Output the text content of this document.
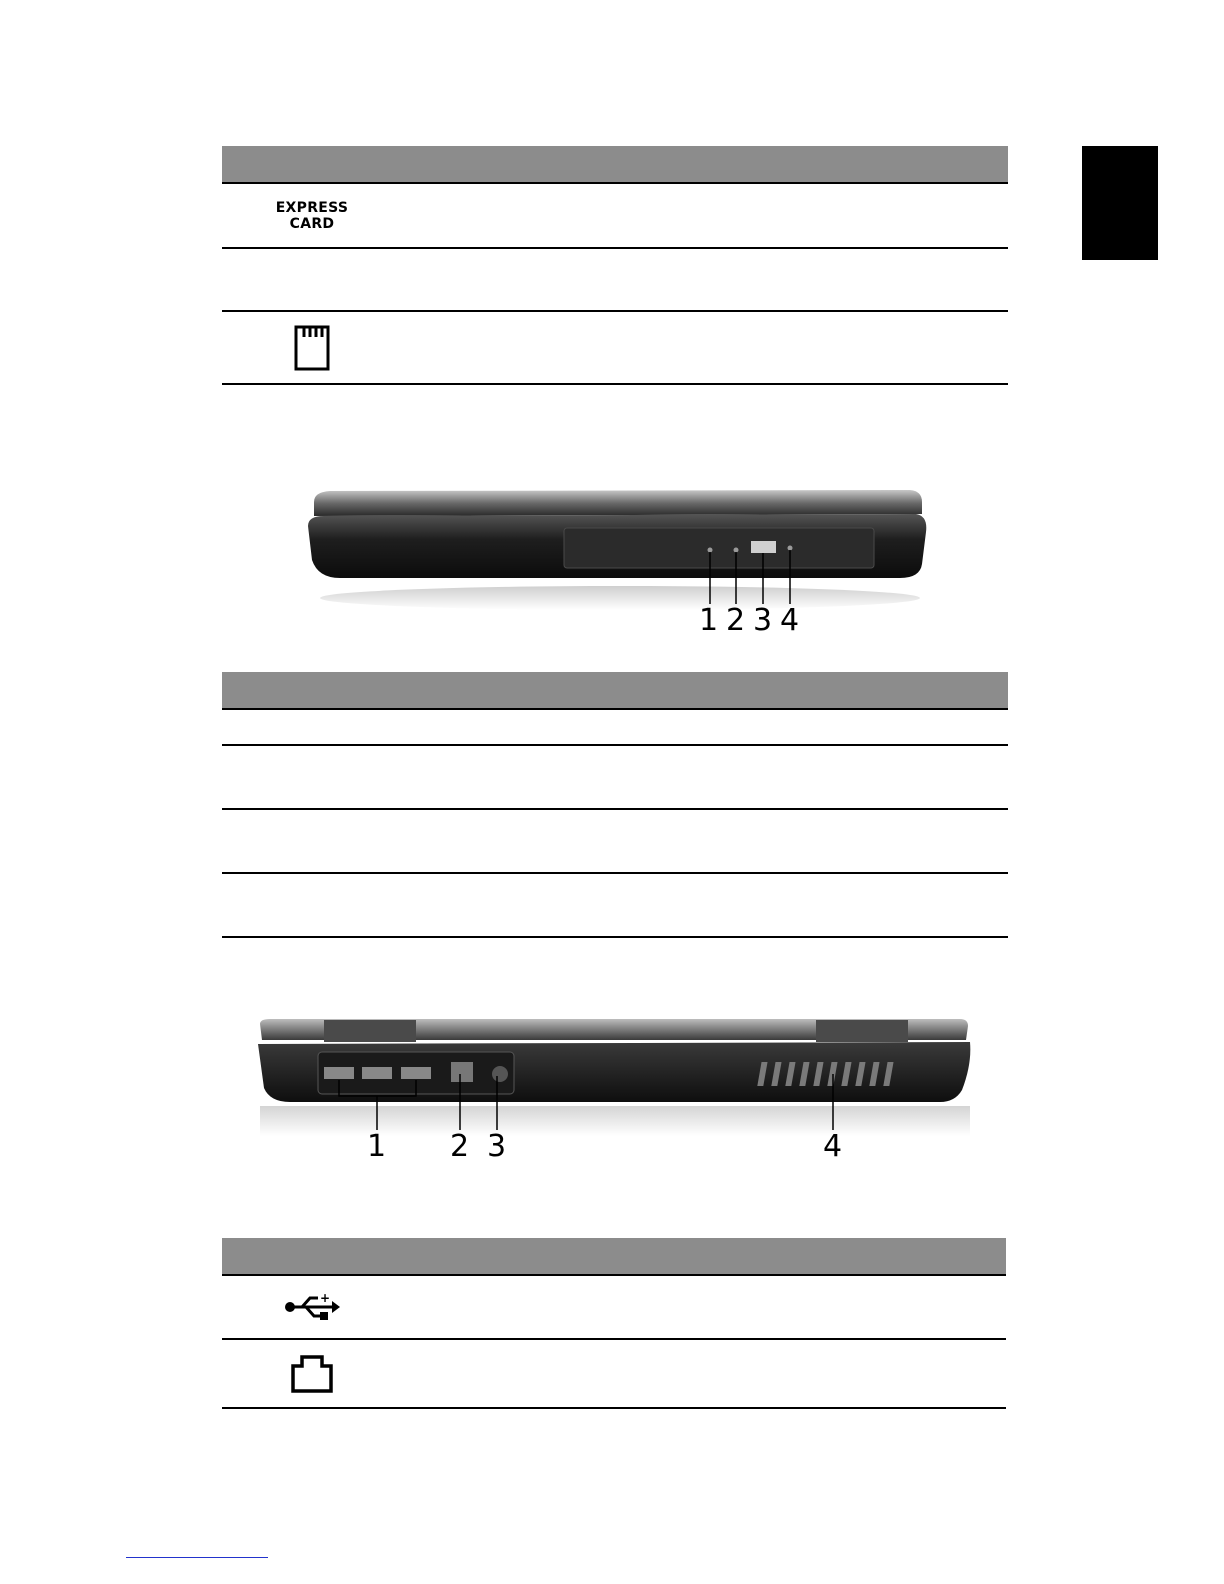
EXPRESS
CARD
1 2 3 4
1 2 3	4
+
